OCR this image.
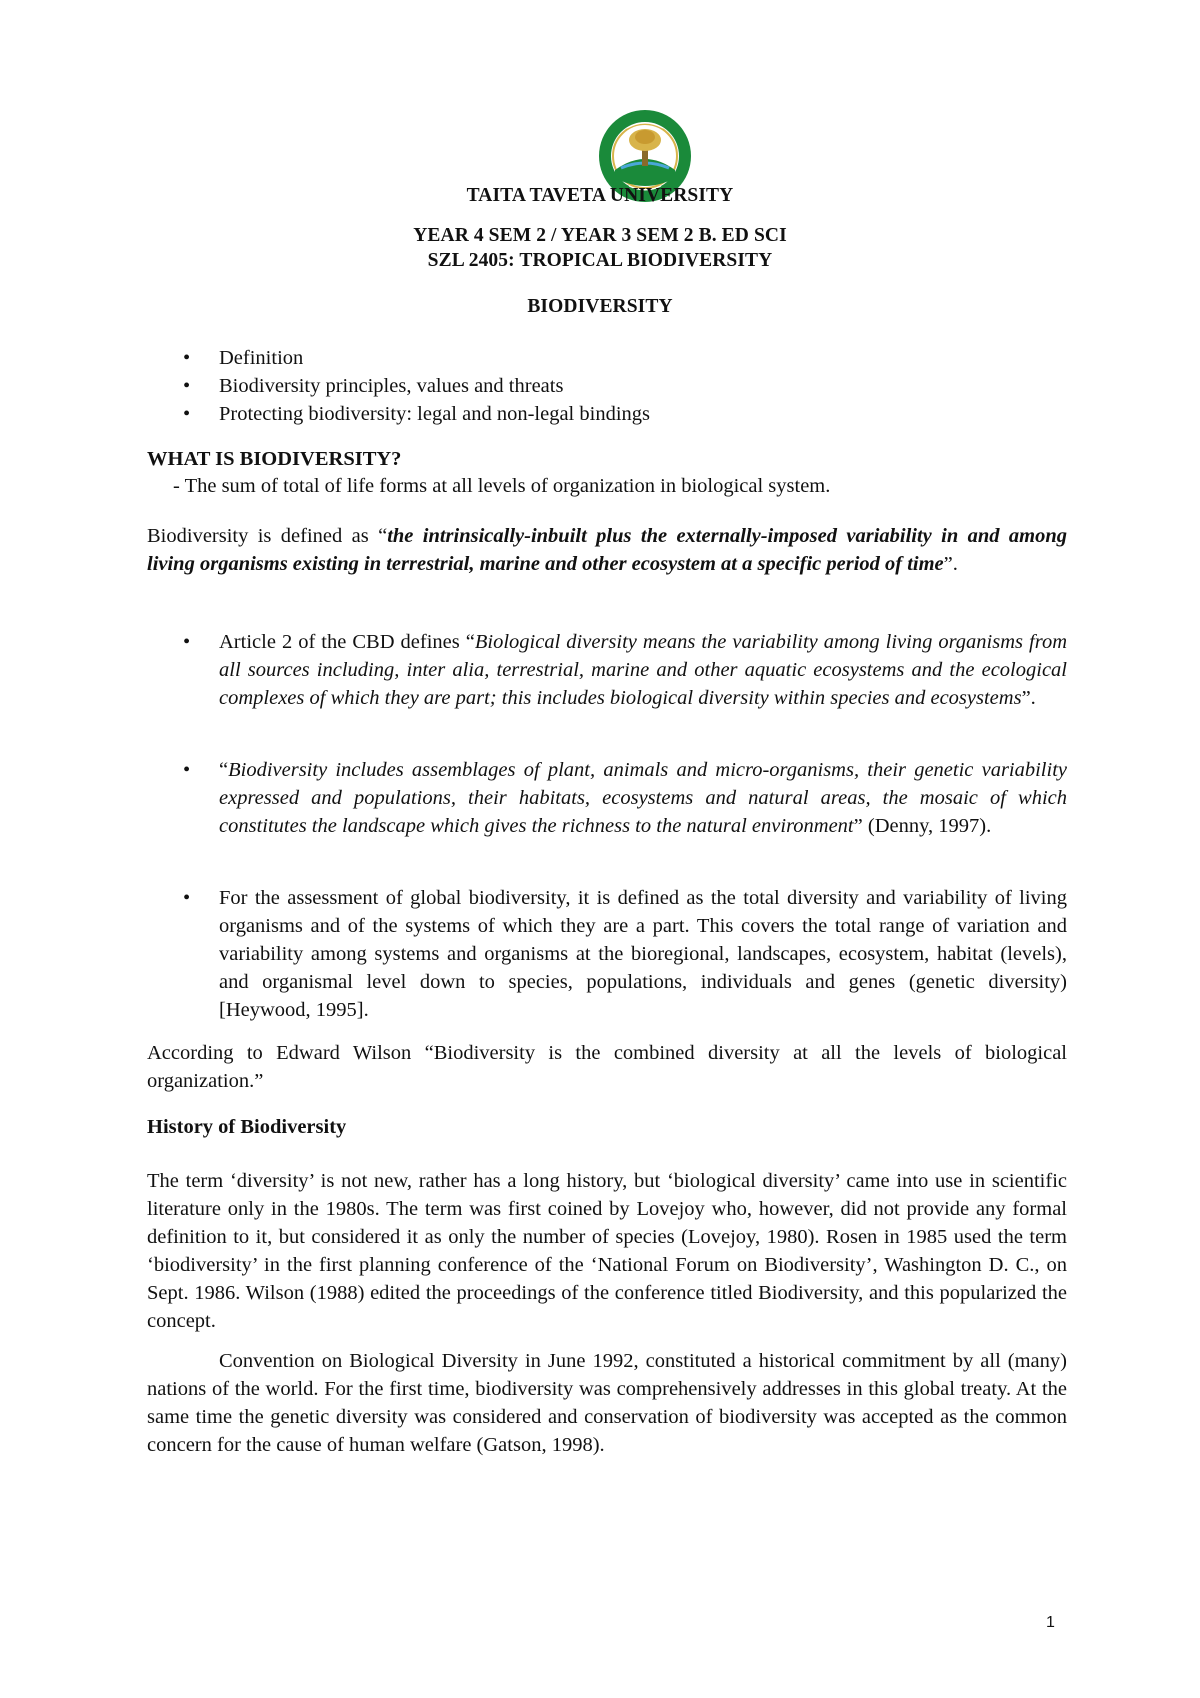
TAITA TAVETA UNIVERSITY
YEAR 4 SEM 2 / YEAR 3 SEM 2 B. ED SCI
SZL 2405: TROPICAL BIODIVERSITY
BIODIVERSITY
• Definition
• Biodiversity principles, values and threats
• Protecting biodiversity: legal and non-legal bindings
WHAT IS BIODIVERSITY?
- The sum of total of life forms at all levels of organization in biological system.
Biodiversity is defined as “the intrinsically-inbuilt plus the externally-imposed variability in and among living organisms existing in terrestrial, marine and other ecosystem at a specific period of time”.
• Article 2 of the CBD defines “Biological diversity means the variability among living organisms from all sources including, inter alia, terrestrial, marine and other aquatic ecosystems and the ecological complexes of which they are part; this includes biological diversity within species and ecosystems”.
• “Biodiversity includes assemblages of plant, animals and micro-organisms, their genetic variability expressed and populations, their habitats, ecosystems and natural areas, the mosaic of which constitutes the landscape which gives the richness to the natural environment” (Denny, 1997).
• For the assessment of global biodiversity, it is defined as the total diversity and variability of living organisms and of the systems of which they are a part. This covers the total range of variation and variability among systems and organisms at the bioregional, landscapes, ecosystem, habitat (levels), and organismal level down to species, populations, individuals and genes (genetic diversity) [Heywood, 1995].
According to Edward Wilson “Biodiversity is the combined diversity at all the levels of biological organization.”
History of Biodiversity
The term ‘diversity’ is not new, rather has a long history, but ‘biological diversity’ came into use in scientific literature only in the 1980s. The term was first coined by Lovejoy who, however, did not provide any formal definition to it, but considered it as only the number of species (Lovejoy, 1980). Rosen in 1985 used the term ‘biodiversity’ in the first planning conference of the ‘National Forum on Biodiversity’, Washington D. C., on Sept. 1986. Wilson (1988) edited the proceedings of the conference titled Biodiversity, and this popularized the concept.
Convention on Biological Diversity in June 1992, constituted a historical commitment by all (many) nations of the world. For the first time, biodiversity was comprehensively addresses in this global treaty. At the same time the genetic diversity was considered and conservation of biodiversity was accepted as the common concern for the cause of human welfare (Gatson, 1998).
1
